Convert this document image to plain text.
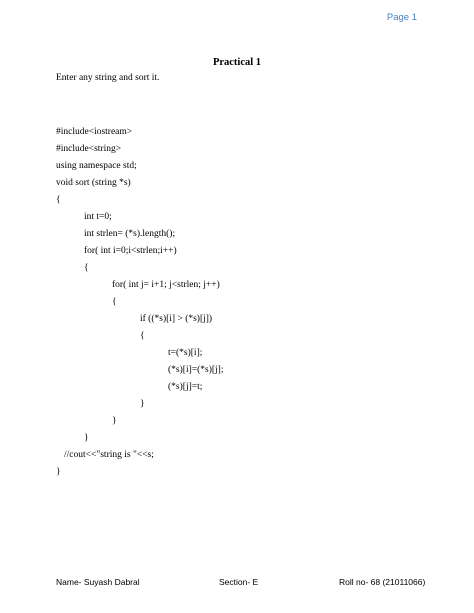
Page 1
Practical 1
Enter any string and sort it.
#include<iostream>
#include<string>
using namespace std;
void sort (string *s)
{
int t=0;
int strlen= (*s).length();
for( int i=0;i<strlen;i++)
{
for( int j= i+1; j<strlen; j++)
{
if ((*s)[i] > (*s)[j])
{
t=(*s)[i];
(*s)[i]=(*s)[j];
(*s)[j]=t;
}
}
}
//cout<<"string is "<<s;
}
Name- Suyash Dabral	Section- E	Roll no- 68 (21011066)
